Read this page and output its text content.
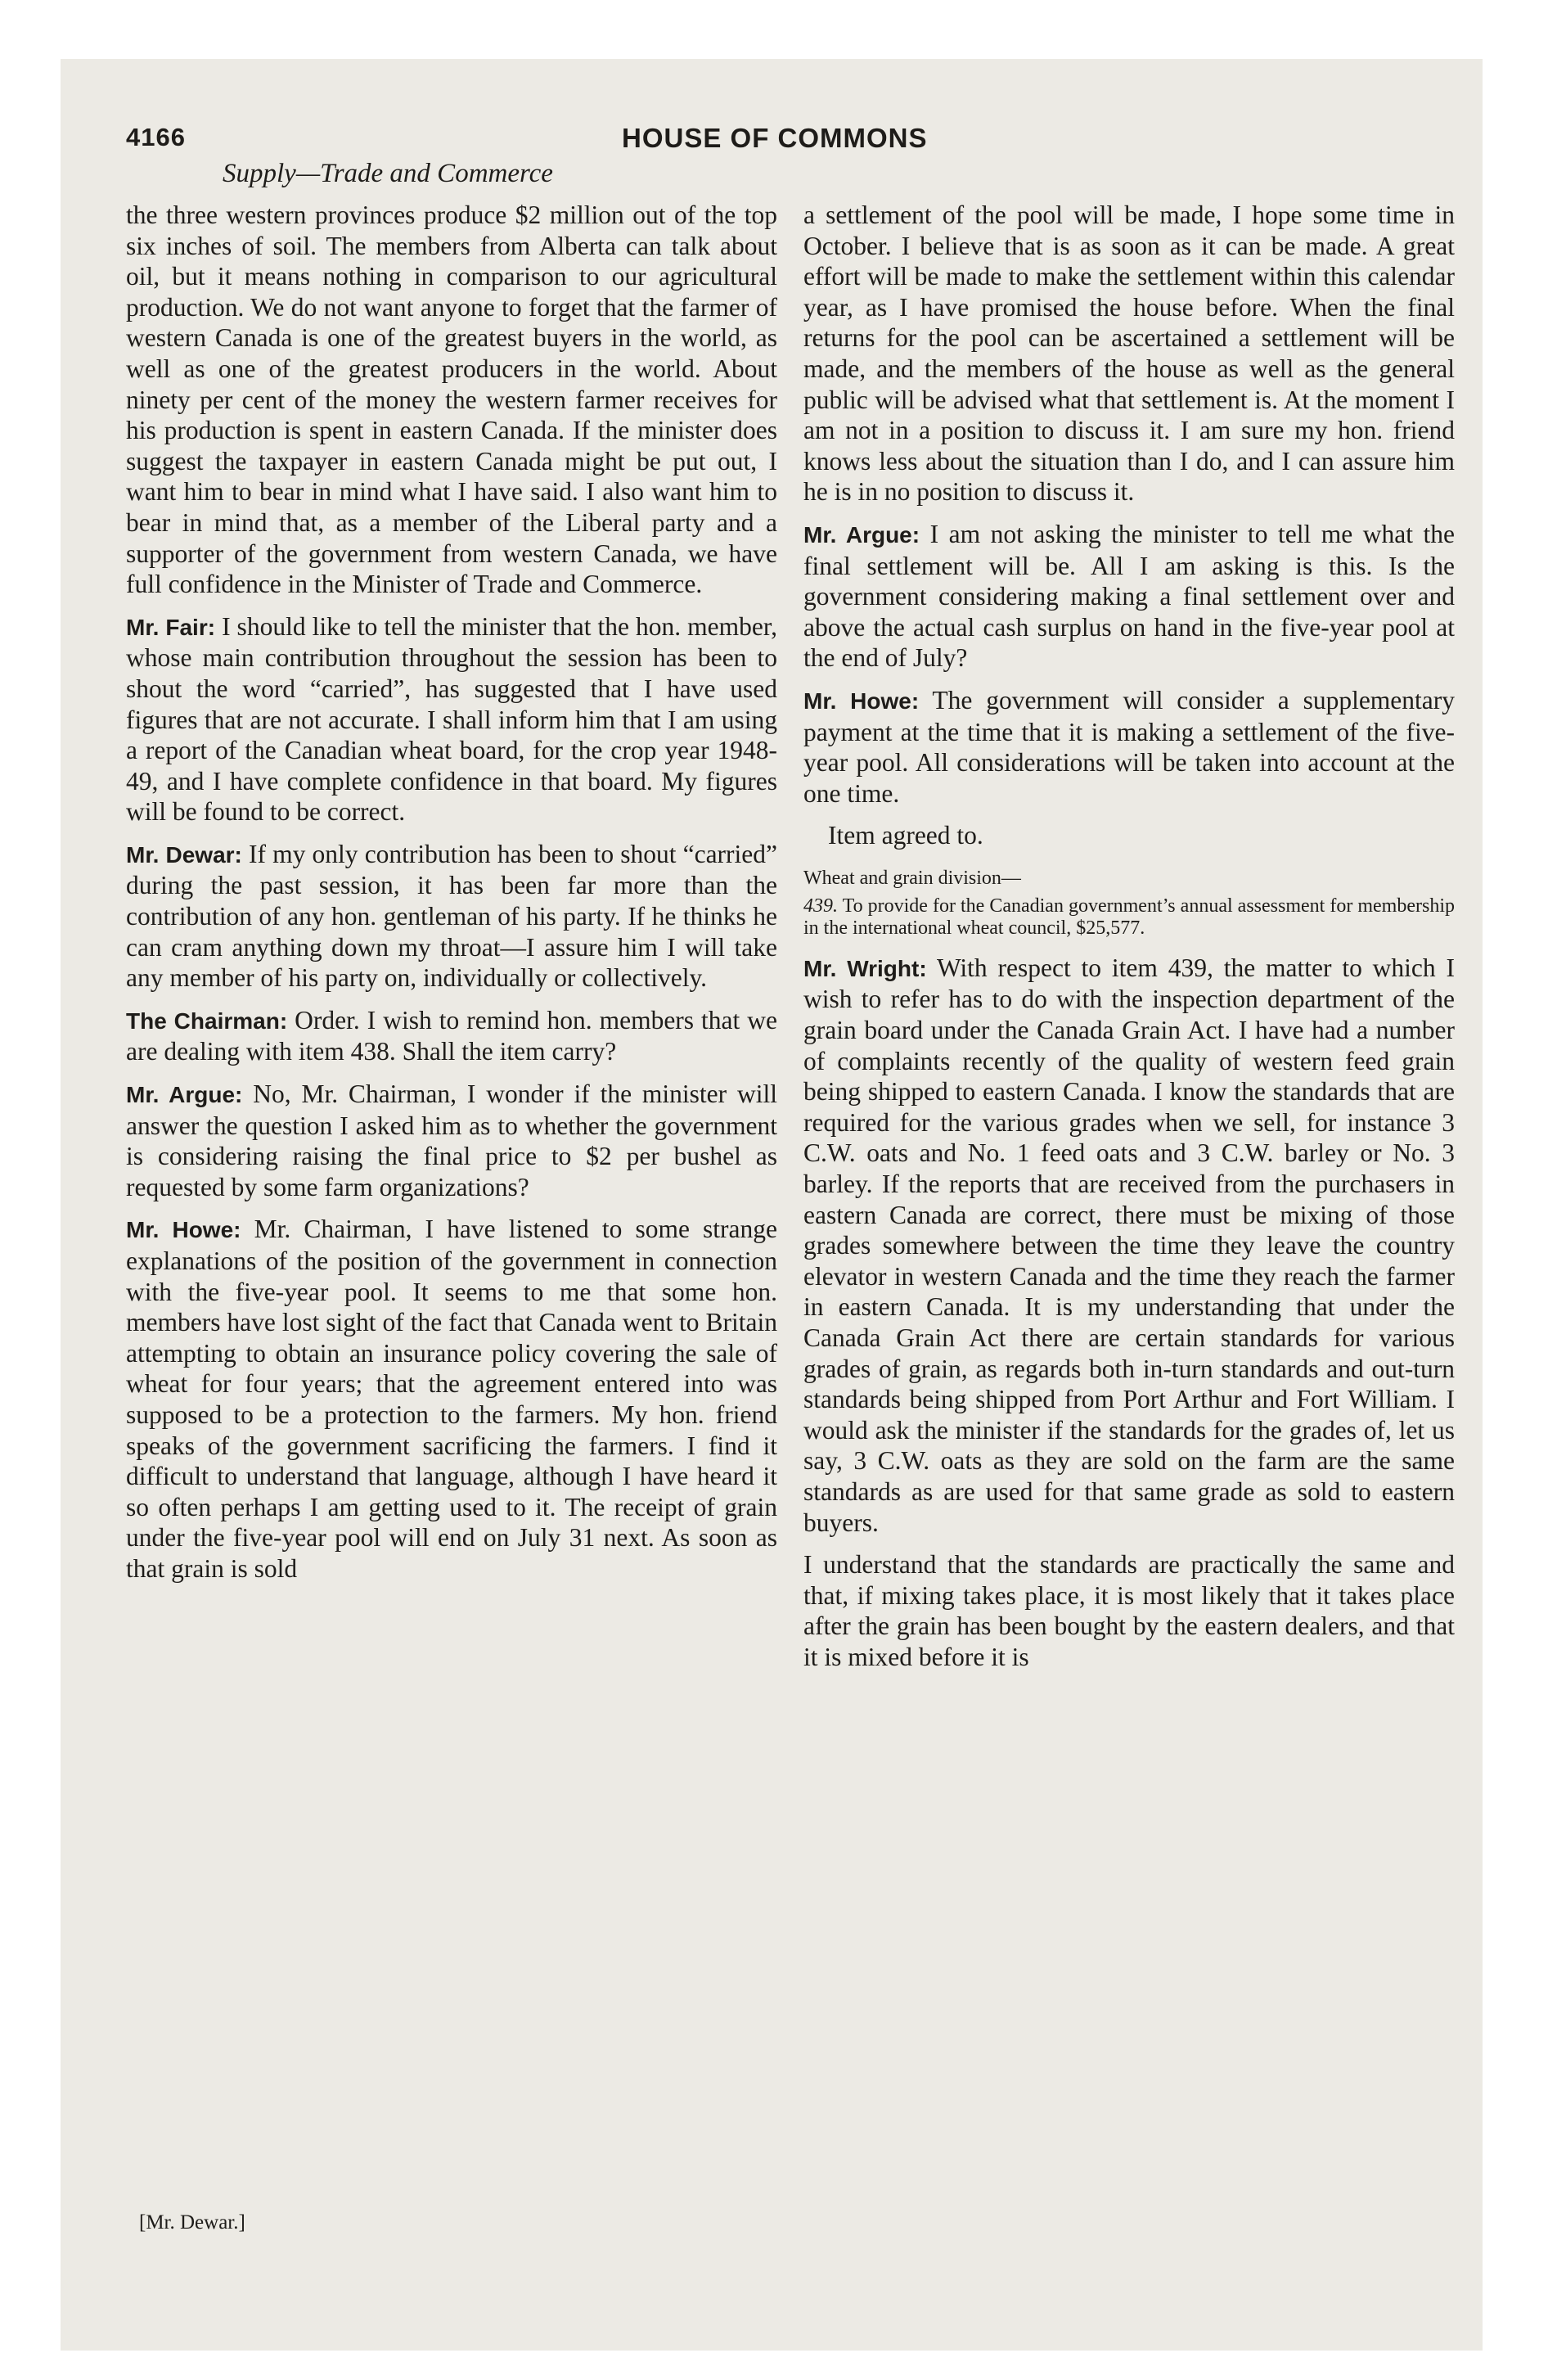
4166	HOUSE OF COMMONS
Supply—Trade and Commerce

the three western provinces produce $2 million out of the top six inches of soil. The members from Alberta can talk about oil, but it means nothing in comparison to our agricultural production. We do not want anyone to forget that the farmer of western Canada is one of the greatest buyers in the world, as well as one of the greatest producers in the world. About ninety per cent of the money the western farmer receives for his production is spent in eastern Canada. If the minister does suggest the taxpayer in eastern Canada might be put out, I want him to bear in mind what I have said. I also want him to bear in mind that, as a member of the Liberal party and a supporter of the government from western Canada, we have full confidence in the Minister of Trade and Commerce.

Mr. Fair: I should like to tell the minister that the hon. member, whose main contribution throughout the session has been to shout the word “carried”, has suggested that I have used figures that are not accurate. I shall inform him that I am using a report of the Canadian wheat board, for the crop year 1948-49, and I have complete confidence in that board. My figures will be found to be correct.

Mr. Dewar: If my only contribution has been to shout “carried” during the past session, it has been far more than the contribution of any hon. gentleman of his party. If he thinks he can cram anything down my throat—I assure him I will take any member of his party on, individually or collectively.

The Chairman: Order. I wish to remind hon. members that we are dealing with item 438. Shall the item carry?

Mr. Argue: No, Mr. Chairman, I wonder if the minister will answer the question I asked him as to whether the government is considering raising the final price to $2 per bushel as requested by some farm organizations?

Mr. Howe: Mr. Chairman, I have listened to some strange explanations of the position of the government in connection with the five-year pool. It seems to me that some hon. members have lost sight of the fact that Canada went to Britain attempting to obtain an insurance policy covering the sale of wheat for four years; that the agreement entered into was supposed to be a protection to the farmers. My hon. friend speaks of the government sacrificing the farmers. I find it difficult to understand that language, although I have heard it so often perhaps I am getting used to it. The receipt of grain under the five-year pool will end on July 31 next. As soon as that grain is sold

a settlement of the pool will be made, I hope some time in October. I believe that is as soon as it can be made. A great effort will be made to make the settlement within this calendar year, as I have promised the house before. When the final returns for the pool can be ascertained a settlement will be made, and the members of the house as well as the general public will be advised what that settlement is. At the moment I am not in a position to discuss it. I am sure my hon. friend knows less about the situation than I do, and I can assure him he is in no position to discuss it.

Mr. Argue: I am not asking the minister to tell me what the final settlement will be. All I am asking is this. Is the government considering making a final settlement over and above the actual cash surplus on hand in the five-year pool at the end of July?

Mr. Howe: The government will consider a supplementary payment at the time that it is making a settlement of the five-year pool. All considerations will be taken into account at the one time.

Item agreed to.

Wheat and grain division—

439. To provide for the Canadian government’s annual assessment for membership in the international wheat council, $25,577.

Mr. Wright: With respect to item 439, the matter to which I wish to refer has to do with the inspection department of the grain board under the Canada Grain Act. I have had a number of complaints recently of the quality of western feed grain being shipped to eastern Canada. I know the standards that are required for the various grades when we sell, for instance 3 C.W. oats and No. 1 feed oats and 3 C.W. barley or No. 3 barley. If the reports that are received from the purchasers in eastern Canada are correct, there must be mixing of those grades somewhere between the time they leave the country elevator in western Canada and the time they reach the farmer in eastern Canada. It is my understanding that under the Canada Grain Act there are certain standards for various grades of grain, as regards both in-turn standards and out-turn standards being shipped from Port Arthur and Fort William. I would ask the minister if the standards for the grades of, let us say, 3 C.W. oats as they are sold on the farm are the same standards as are used for that same grade as sold to eastern buyers.

I understand that the standards are practically the same and that, if mixing takes place, it is most likely that it takes place after the grain has been bought by the eastern dealers, and that it is mixed before it is

[Mr. Dewar.]
